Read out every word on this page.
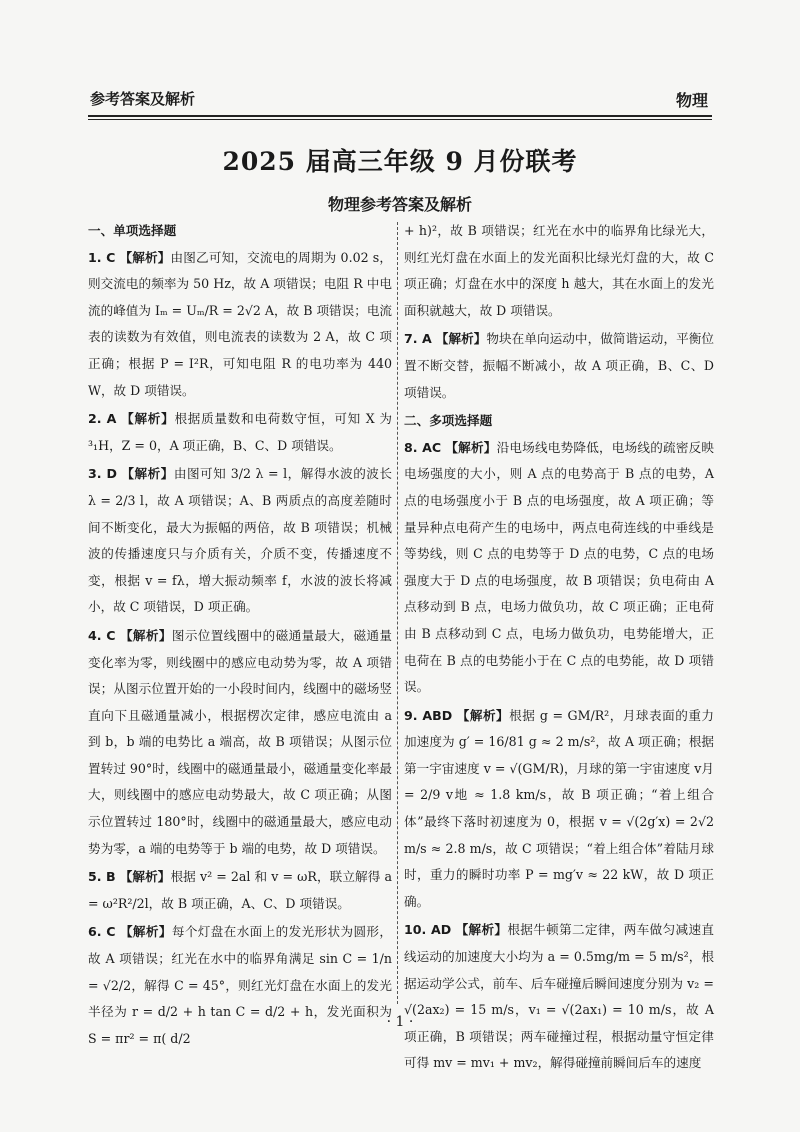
参考答案及解析	物理
2025 届高三年级 9 月份联考
物理参考答案及解析
一、单项选择题
1. C 【解析】由图乙可知，交流电的周期为 0.02 s，则交流电的频率为 50 Hz，故 A 项错误；电阻 R 中电流的峰值为 Iₘ = Uₘ/R = 2√2 A，故 B 项错误；电流表的读数为有效值，则电流表的读数为 2 A，故 C 项正确；根据 P = I²R，可知电阻 R 的电功率为 440 W，故 D 项错误。
2. A 【解析】根据质量数和电荷数守恒，可知 X 为 ³₁H，Z = 0，A 项正确，B、C、D 项错误。
3. D 【解析】由图可知 3/2 λ = l，解得水波的波长 λ = 2/3 l，故 A 项错误；A、B 两质点的高度差随时间不断变化，最大为振幅的两倍，故 B 项错误；机械波的传播速度只与介质有关，介质不变，传播速度不变，根据 v = fλ，增大振动频率 f，水波的波长将减小，故 C 项错误，D 项正确。
4. C 【解析】图示位置线圈中的磁通量最大，磁通量变化率为零，则线圈中的感应电动势为零，故 A 项错误；从图示位置开始的一小段时间内，线圈中的磁场竖直向下且磁通量减小，根据楞次定律，感应电流由 a 到 b，b 端的电势比 a 端高，故 B 项错误；从图示位置转过 90°时，线圈中的磁通量最小，磁通量变化率最大，则线圈中的感应电动势最大，故 C 项正确；从图示位置转过 180°时，线圈中的磁通量最大，感应电动势为零，a 端的电势等于 b 端的电势，故 D 项错误。
5. B 【解析】根据 v² = 2al 和 v = ωR，联立解得 a = ω²R²/2l，故 B 项正确，A、C、D 项错误。
6. C 【解析】每个灯盘在水面上的发光形状为圆形，故 A 项错误；红光在水中的临界角满足 sin C = 1/n = √2/2，解得 C = 45°，则红光灯盘在水面上的发光半径为 r = d/2 + h tan C = d/2 + h，发光面积为 S = πr² = π( d/2
+ h)²，故 B 项错误；红光在水中的临界角比绿光大，则红光灯盘在水面上的发光面积比绿光灯盘的大，故 C 项正确；灯盘在水中的深度 h 越大，其在水面上的发光面积就越大，故 D 项错误。
7. A 【解析】物块在单向运动中，做简谐运动，平衡位置不断交替，振幅不断减小，故 A 项正确，B、C、D 项错误。
二、多项选择题
8. AC 【解析】沿电场线电势降低，电场线的疏密反映电场强度的大小，则 A 点的电势高于 B 点的电势，A 点的电场强度小于 B 点的电场强度，故 A 项正确；等量异种点电荷产生的电场中，两点电荷连线的中垂线是等势线，则 C 点的电势等于 D 点的电势，C 点的电场强度大于 D 点的电场强度，故 B 项错误；负电荷由 A 点移动到 B 点，电场力做负功，故 C 项正确；正电荷由 B 点移动到 C 点，电场力做负功，电势能增大，正电荷在 B 点的电势能小于在 C 点的电势能，故 D 项错误。
9. ABD 【解析】根据 g = GM/R²，月球表面的重力加速度为 g′ = 16/81 g ≈ 2 m/s²，故 A 项正确；根据第一宇宙速度 v = √(GM/R)，月球的第一宇宙速度 v月 = 2/9 v地 ≈ 1.8 km/s，故 B 项正确；“着上组合体”最终下落时初速度为 0，根据 v = √(2g′x) = 2√2 m/s ≈ 2.8 m/s，故 C 项错误；“着上组合体”着陆月球时，重力的瞬时功率 P = mg′v ≈ 22 kW，故 D 项正确。
10. AD 【解析】根据牛顿第二定律，两车做匀减速直线运动的加速度大小均为 a = 0.5mg/m = 5 m/s²，根据运动学公式，前车、后车碰撞后瞬间速度分别为 v₂ = √(2ax₂) = 15 m/s，v₁ = √(2ax₁) = 10 m/s，故 A 项正确，B 项错误；两车碰撞过程，根据动量守恒定律可得 mv = mv₁ + mv₂，解得碰撞前瞬间后车的速度
· 1 ·
